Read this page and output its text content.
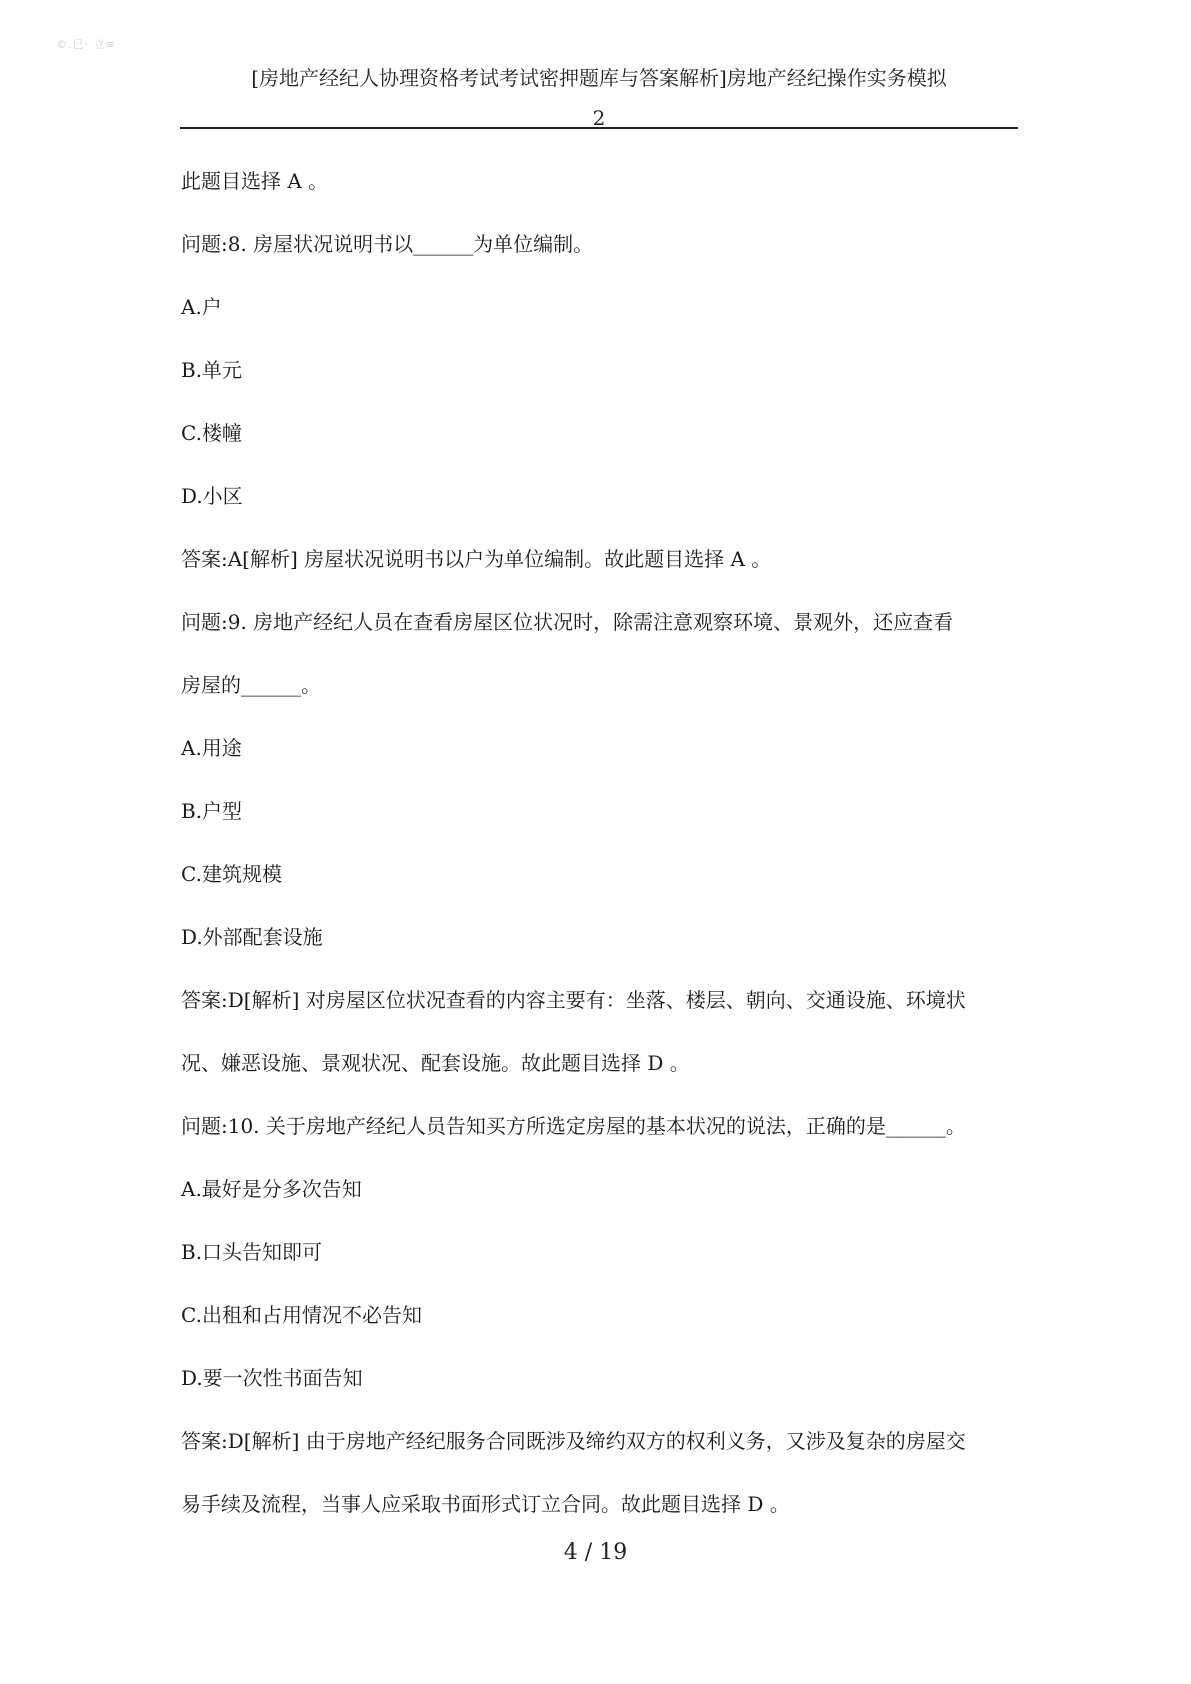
©.巳· 立≡
[房地产经纪人协理资格考试考试密押题库与答案解析]房地产经纪操作实务模拟
2
此题目选择 A 。
问题:8. 房屋状况说明书以______为单位编制。
A.户
B.单元
C.楼幢
D.小区
答案:A[解析] 房屋状况说明书以户为单位编制。故此题目选择 A 。
问题:9. 房地产经纪人员在查看房屋区位状况时，除需注意观察环境、景观外，还应查看
房屋的______。
A.用途
B.户型
C.建筑规模
D.外部配套设施
答案:D[解析] 对房屋区位状况查看的内容主要有：坐落、楼层、朝向、交通设施、环境状
况、嫌恶设施、景观状况、配套设施。故此题目选择 D 。
问题:10. 关于房地产经纪人员告知买方所选定房屋的基本状况的说法，正确的是______。
A.最好是分多次告知
B.口头告知即可
C.出租和占用情况不必告知
D.要一次性书面告知
答案:D[解析] 由于房地产经纪服务合同既涉及缔约双方的权利义务，又涉及复杂的房屋交
易手续及流程，当事人应采取书面形式订立合同。故此题目选择 D 。
4 / 19
